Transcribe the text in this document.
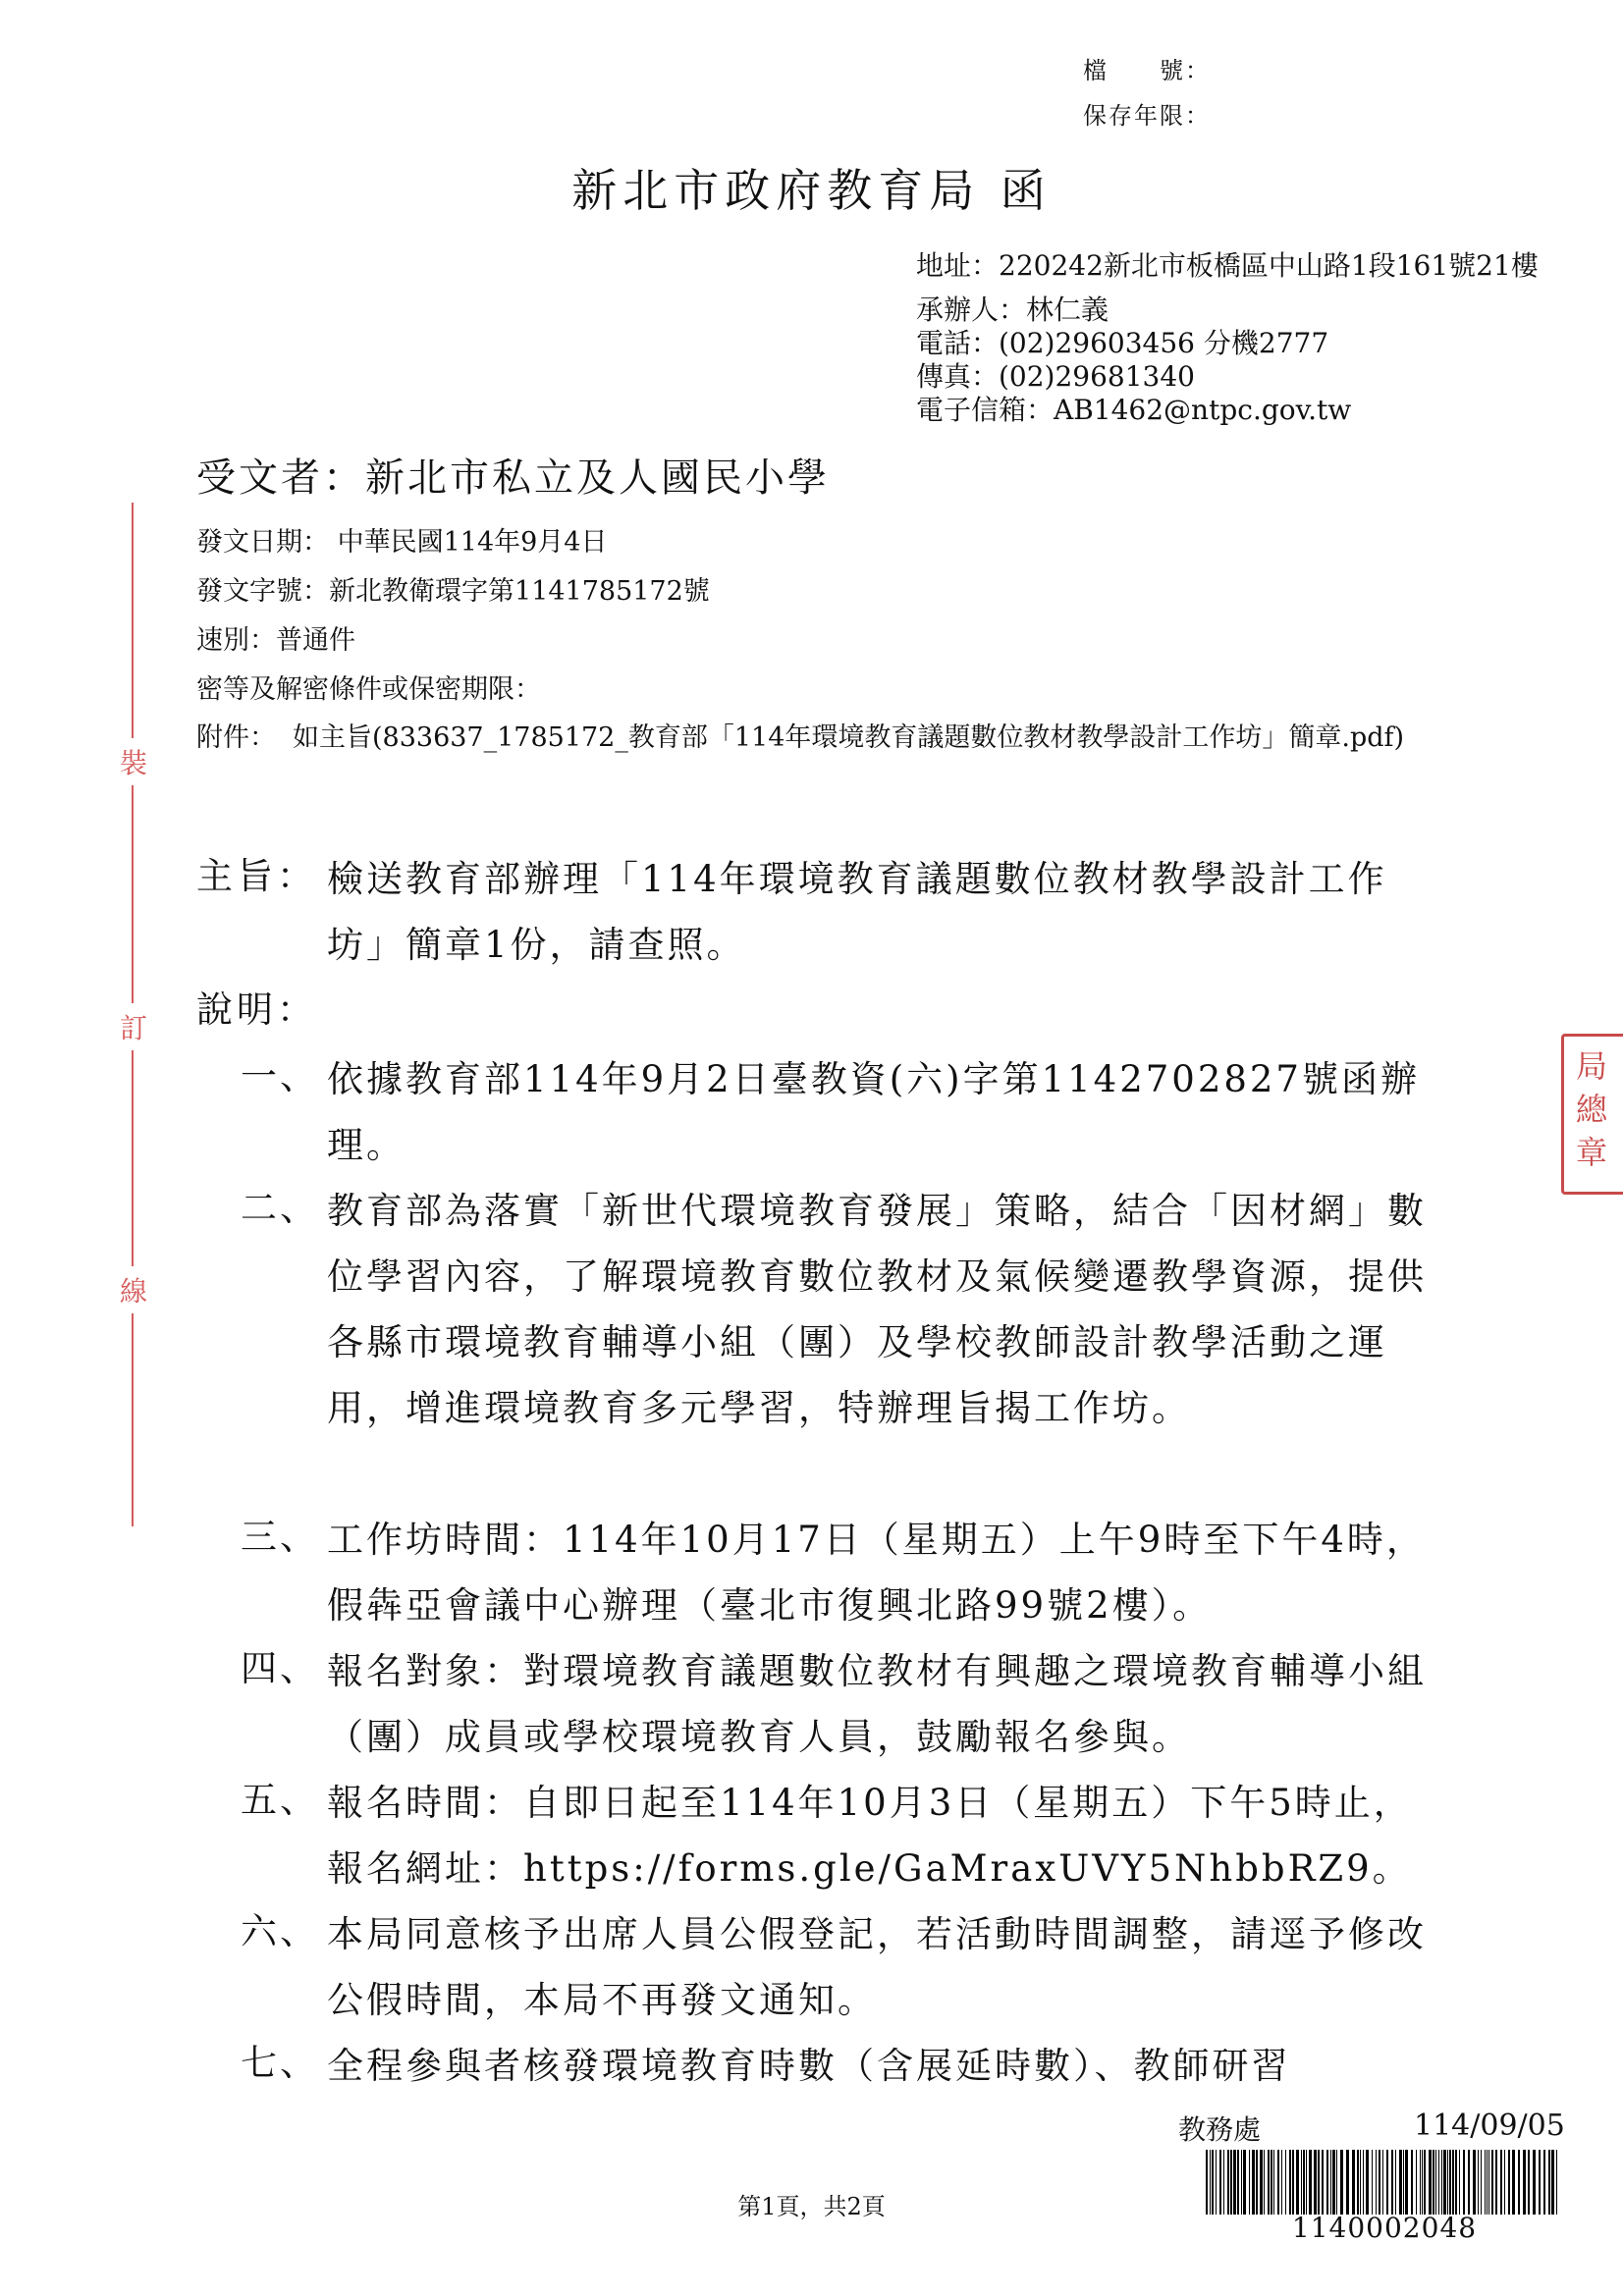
檔　　號：
保存年限：
新北市政府教育局 函
地址：220242新北市板橋區中山路1段161號21樓
承辦人：林仁義
電話：(02)29603456 分機2777
傳真：(02)29681340
電子信箱：AB1462@ntpc.gov.tw
受文者：新北市私立及人國民小學
發文日期： 中華民國114年9月4日
發文字號：新北教衛環字第1141785172號
速別：普通件
密等及解密條件或保密期限：
附件： 如主旨(833637_1785172_教育部「114年環境教育議題數位教材教學設計工作坊」簡章.pdf)
主旨： 檢送教育部辦理「114年環境教育議題數位教材教學設計工作坊」簡章1份，請查照。
說明：
一、 依據教育部114年9月2日臺教資(六)字第1142702827號函辦理。
二、 教育部為落實「新世代環境教育發展」策略，結合「因材網」數位學習內容，了解環境教育數位教材及氣候變遷教學資源，提供各縣市環境教育輔導小組（團）及學校教師設計教學活動之運用，增進環境教育多元學習，特辦理旨揭工作坊。
三、 工作坊時間：114年10月17日（星期五）上午9時至下午4時，假犇亞會議中心辦理（臺北市復興北路99號2樓）。
四、 報名對象：對環境教育議題數位教材有興趣之環境教育輔導小組（團）成員或學校環境教育人員，鼓勵報名參與。
五、 報名時間：自即日起至114年10月3日（星期五）下午5時止，報名網址：https://forms.gle/GaMraxUVY5NhbbRZ9。
六、 本局同意核予出席人員公假登記，若活動時間調整，請逕予修改公假時間，本局不再發文通知。
七、 全程參與者核發環境教育時數（含展延時數）、教師研習
裝
訂
線
局
總
章
教務處	114/09/05
1140002048
第1頁，共2頁
